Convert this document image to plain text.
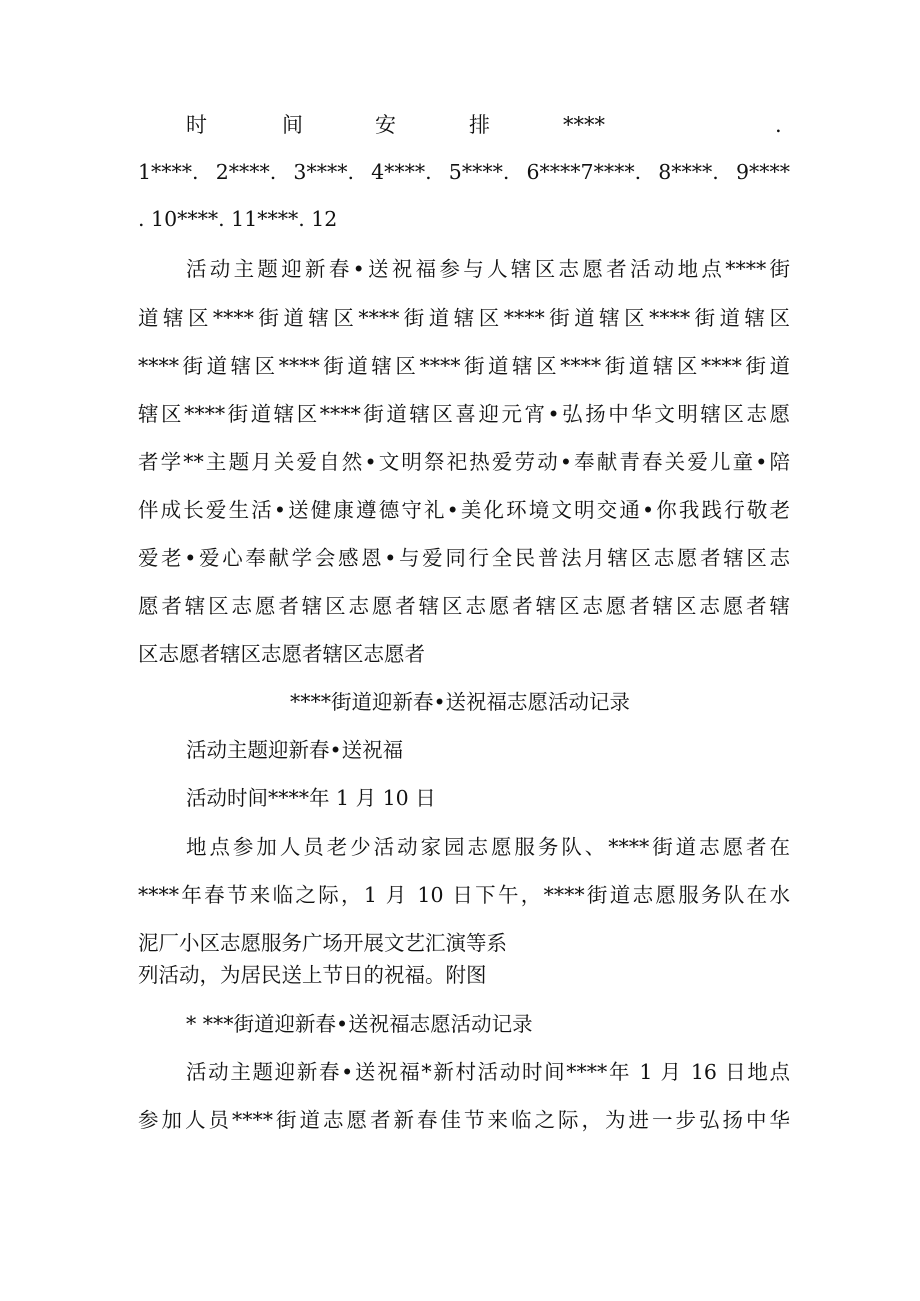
时	间	安	排	****	.
1****. 2****. 3****. 4****. 5****. 6****7****. 8****. 9****
. 10****. 11****. 12
活动主题迎新春•送祝福参与人辖区志愿者活动地点****街
道辖区****街道辖区****街道辖区****街道辖区****街道辖区
****街道辖区****街道辖区****街道辖区****街道辖区****街道
辖区****街道辖区****街道辖区喜迎元宵•弘扬中华文明辖区志愿
者学**主题月关爱自然•文明祭祀热爱劳动•奉献青春关爱儿童•陪
伴成长爱生活•送健康遵德守礼•美化环境文明交通•你我践行敬老
爱老•爱心奉献学会感恩•与爱同行全民普法月辖区志愿者辖区志
愿者辖区志愿者辖区志愿者辖区志愿者辖区志愿者辖区志愿者辖
区志愿者辖区志愿者辖区志愿者
****街道迎新春•送祝福志愿活动记录
活动主题迎新春•送祝福
活动时间****年 1 月 10 日
地点参加人员老少活动家园志愿服务队、****街道志愿者在
****年春节来临之际，1 月 10 日下午，****街道志愿服务队在水
泥厂小区志愿服务广场开展文艺汇演等系
列活动，为居民送上节日的祝福。附图
* ***街道迎新春•送祝福志愿活动记录
活动主题迎新春•送祝福*新村活动时间****年 1 月 16 日地点
参加人员****街道志愿者新春佳节来临之际，为进一步弘扬中华
